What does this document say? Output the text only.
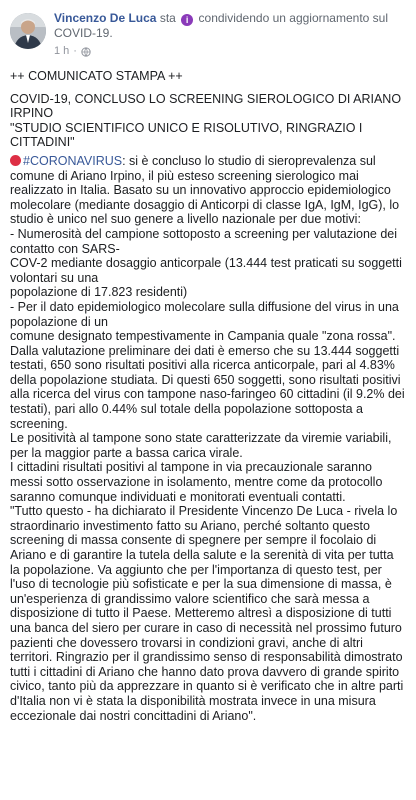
Vincenzo De Luca sta i condividendo un aggiornamento sul COVID-19.
1 h ·

++ COMUNICATO STAMPA ++

COVID-19, CONCLUSO LO SCREENING SIEROLOGICO DI ARIANO IRPINO

"STUDIO SCIENTIFICO UNICO E RISOLUTIVO, RINGRAZIO I CITTADINI"

#CORONAVIRUS: si è concluso lo studio di sieroprevalenza sul comune di Ariano Irpino, il più esteso screening sierologico mai realizzato in Italia. Basato su un innovativo approccio epidemiologico molecolare (mediante dosaggio di Anticorpi di classe IgA, IgM, IgG), lo studio è unico nel suo genere a livello nazionale per due motivi:

- Numerosità del campione sottoposto a screening per valutazione dei contatto con SARS-
COV-2 mediante dosaggio anticorpale (13.444 test praticati su soggetti volontari su una
popolazione di 17.823 residenti)

- Per il dato epidemiologico molecolare sulla diffusione del virus in una popolazione di un
comune designato tempestivamente in Campania quale "zona rossa".

Dalla valutazione preliminare dei dati è emerso che su 13.444 soggetti testati, 650 sono risultati positivi alla ricerca anticorpale, pari al 4.83% della popolazione studiata. Di questi 650 soggetti, sono risultati positivi alla ricerca del virus con tampone naso-faringeo 60 cittadini (il 9.2% dei testati), pari allo 0.44% sul totale della popolazione sottoposta a screening.

Le positività al tampone sono state caratterizzate da viremie variabili, per la maggior parte a bassa carica virale.

I cittadini risultati positivi al tampone in via precauzionale saranno messi sotto osservazione in isolamento, mentre come da protocollo saranno comunque individuati e monitorati eventuali contatti.

"Tutto questo - ha dichiarato il Presidente Vincenzo De Luca - rivela lo straordinario investimento fatto su Ariano, perché soltanto questo screening di massa consente di spegnere per sempre il focolaio di Ariano e di garantire la tutela della salute e la serenità di vita per tutta la popolazione. Va aggiunto che per l'importanza di questo test, per l'uso di tecnologie più sofisticate e per la sua dimensione di massa, è un'esperienza di grandissimo valore scientifico che sarà messa a disposizione di tutto il Paese. Metteremo altresì a disposizione di tutti una banca del siero per curare in caso di necessità nel prossimo futuro pazienti che dovessero trovarsi in condizioni gravi, anche di altri territori. Ringrazio per il grandissimo senso di responsabilità dimostrato tutti i cittadini di Ariano che hanno dato prova davvero di grande spirito civico, tanto più da apprezzare in quanto si è verificato che in altre parti d'Italia non vi è stata la disponibilità mostrata invece in una misura eccezionale dai nostri concittadini di Ariano".
